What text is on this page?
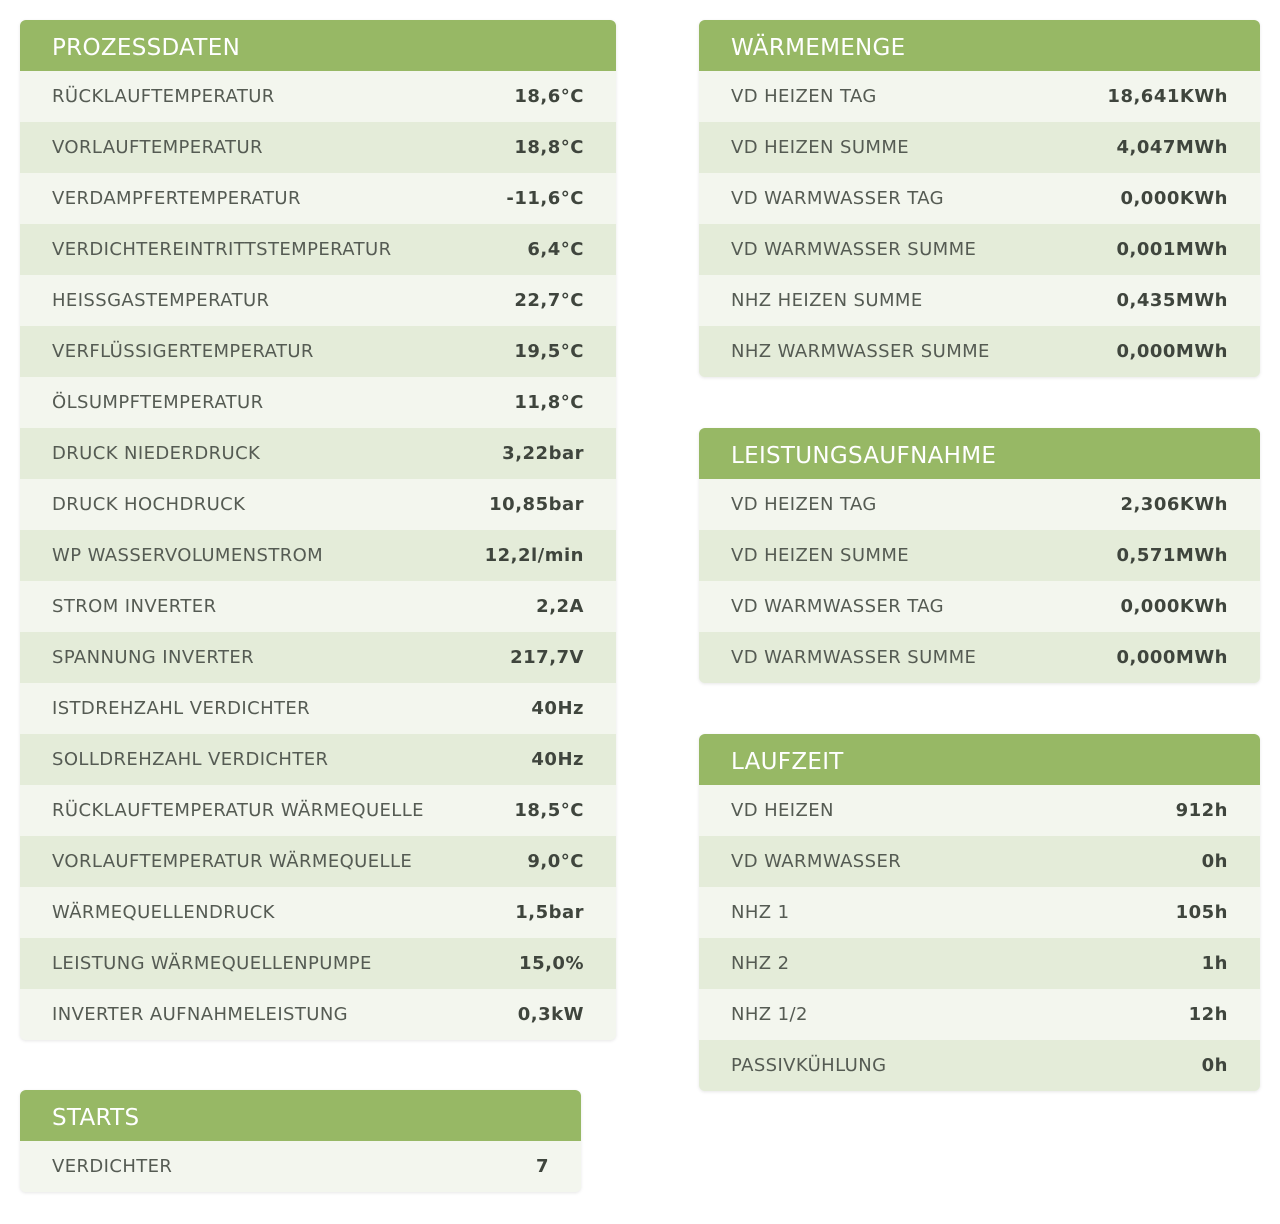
PROZESSDATEN
RÜCKLAUFTEMPERATUR	18,6°C
VORLAUFTEMPERATUR	18,8°C
VERDAMPFERTEMPERATUR	-11,6°C
VERDICHTEREINTRITTSTEMPERATUR	6,4°C
HEISSGASTEMPERATUR	22,7°C
VERFLÜSSIGERTEMPERATUR	19,5°C
ÖLSUMPFTEMPERATUR	11,8°C
DRUCK NIEDERDRUCK	3,22bar
DRUCK HOCHDRUCK	10,85bar
WP WASSERVOLUMENSTROM	12,2l/min
STROM INVERTER	2,2A
SPANNUNG INVERTER	217,7V
ISTDREHZAHL VERDICHTER	40Hz
SOLLDREHZAHL VERDICHTER	40Hz
RÜCKLAUFTEMPERATUR WÄRMEQUELLE	18,5°C
VORLAUFTEMPERATUR WÄRMEQUELLE	9,0°C
WÄRMEQUELLENDRUCK	1,5bar
LEISTUNG WÄRMEQUELLENPUMPE	15,0%
INVERTER AUFNAHMELEISTUNG	0,3kW
STARTS
VERDICHTER	7
WÄRMEMENGE
VD HEIZEN TAG	18,641KWh
VD HEIZEN SUMME	4,047MWh
VD WARMWASSER TAG	0,000KWh
VD WARMWASSER SUMME	0,001MWh
NHZ HEIZEN SUMME	0,435MWh
NHZ WARMWASSER SUMME	0,000MWh
LEISTUNGSAUFNAHME
VD HEIZEN TAG	2,306KWh
VD HEIZEN SUMME	0,571MWh
VD WARMWASSER TAG	0,000KWh
VD WARMWASSER SUMME	0,000MWh
LAUFZEIT
VD HEIZEN	912h
VD WARMWASSER	0h
NHZ 1	105h
NHZ 2	1h
NHZ 1/2	12h
PASSIVKÜHLUNG	0h
